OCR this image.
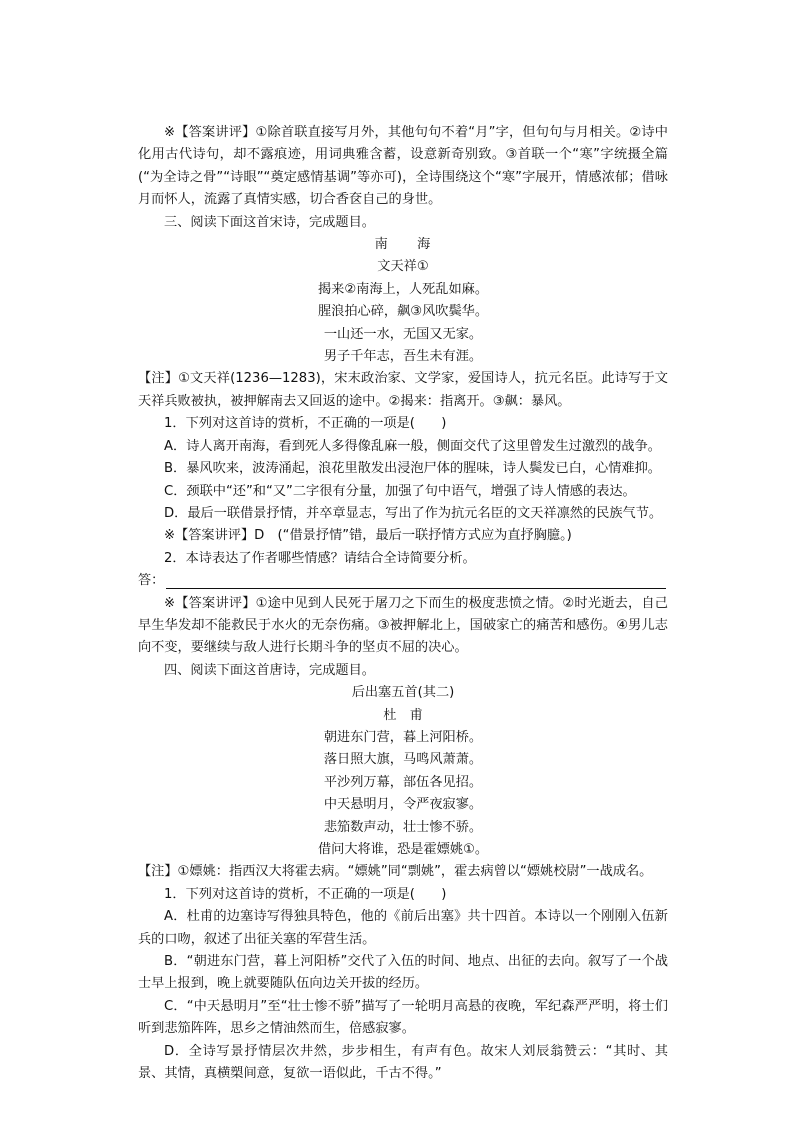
※【答案讲评】①除首联直接写月外，其他句句不着“月”字，但句句与月相关。②诗中化用古代诗句，却不露痕迹，用词典雅含蓄，设意新奇别致。③首联一个“寒”字统摄全篇(“为全诗之骨”“诗眼”“奠定感情基调”等亦可)，全诗围绕这个“寒”字展开，情感浓郁；借咏月而怀人，流露了真情实感，切合香奁自己的身世。

三、阅读下面这首宋诗，完成题目。

南　　海

文天祥①

揭来②南海上，人死乱如麻。

腥浪拍心碎，飙③风吹鬓华。

一山还一水，无国又无家。

男子千年志，吾生未有涯。

【注】①文天祥(1236—1283)，宋末政治家、文学家，爱国诗人，抗元名臣。此诗写于文天祥兵败被执，被押解南去又回返的途中。②揭来：指离开。③飙：暴风。

1．下列对这首诗的赏析，不正确的一项是(　　)

A．诗人离开南海，看到死人多得像乱麻一般，侧面交代了这里曾发生过激烈的战争。

B．暴风吹来，波涛涌起，浪花里散发出浸泡尸体的腥味，诗人鬓发已白，心情难抑。

C．颈联中“还”和“又”二字很有分量，加强了句中语气，增强了诗人情感的表达。

D．最后一联借景抒情，并卒章显志，写出了作为抗元名臣的文天祥凛然的民族气节。

※【答案讲评】D　(“借景抒情”错，最后一联抒情方式应为直抒胸臆。)

2．本诗表达了作者哪些情感？请结合全诗简要分析。

答：

※【答案讲评】①途中见到人民死于屠刀之下而生的极度悲愤之情。②时光逝去，自己早生华发却不能救民于水火的无奈伤痛。③被押解北上，国破家亡的痛苦和感伤。④男儿志向不变，要继续与敌人进行长期斗争的坚贞不屈的决心。

四、阅读下面这首唐诗，完成题目。

后出塞五首(其二)

杜　甫

朝进东门营，暮上河阳桥。

落日照大旗，马鸣风萧萧。

平沙列万幕，部伍各见招。

中天悬明月，令严夜寂寥。

悲笳数声动，壮士惨不骄。

借问大将谁，恐是霍嫖姚①。

【注】①嫖姚：指西汉大将霍去病。“嫖姚”同“剽姚”，霍去病曾以“嫖姚校尉”一战成名。

1．下列对这首诗的赏析，不正确的一项是(　　)

A．杜甫的边塞诗写得独具特色，他的《前后出塞》共十四首。本诗以一个刚刚入伍新兵的口吻，叙述了出征关塞的军营生活。

B．“朝进东门营，暮上河阳桥”交代了入伍的时间、地点、出征的去向。叙写了一个战士早上报到，晚上就要随队伍向边关开拔的经历。

C．“中天悬明月”至“壮士惨不骄”描写了一轮明月高悬的夜晚，军纪森严严明，将士们听到悲笳阵阵，思乡之情油然而生，倍感寂寥。

D．全诗写景抒情层次井然，步步相生，有声有色。故宋人刘辰翁赞云：“其时、其景、其情，真横槊间意，复欲一语似此，千古不得。”
